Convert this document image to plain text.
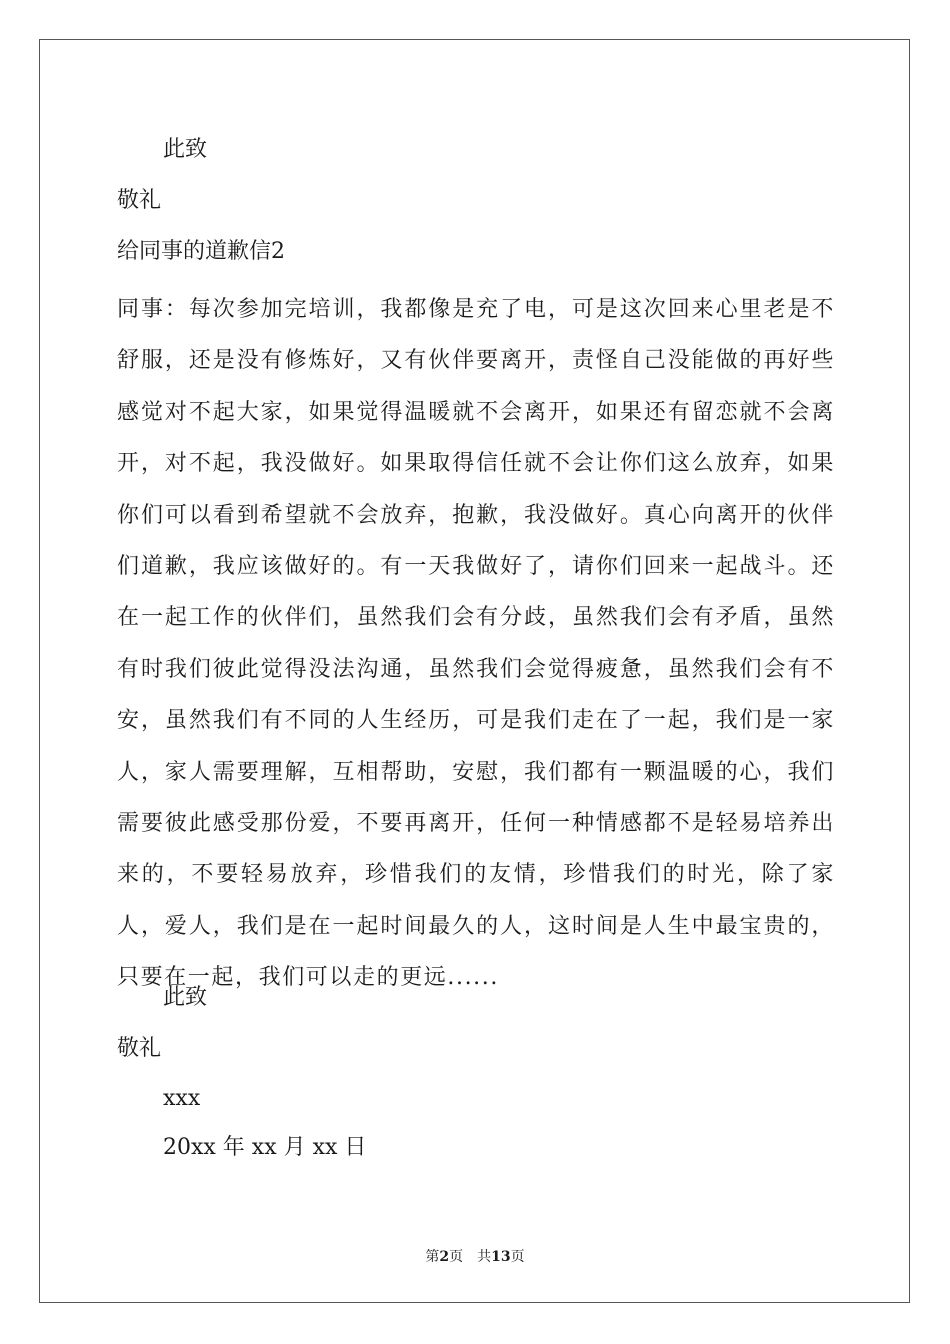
此致
敬礼
给同事的道歉信2
同事：每次参加完培训，我都像是充了电，可是这次回来心里老是不舒服，还是没有修炼好，又有伙伴要离开，责怪自己没能做的再好些感觉对不起大家，如果觉得温暖就不会离开，如果还有留恋就不会离开，对不起，我没做好。如果取得信任就不会让你们这么放弃，如果你们可以看到希望就不会放弃，抱歉，我没做好。真心向离开的伙伴们道歉，我应该做好的。有一天我做好了，请你们回来一起战斗。还在一起工作的伙伴们，虽然我们会有分歧，虽然我们会有矛盾，虽然有时我们彼此觉得没法沟通，虽然我们会觉得疲惫，虽然我们会有不安，虽然我们有不同的人生经历，可是我们走在了一起，我们是一家人，家人需要理解，互相帮助，安慰，我们都有一颗温暖的心，我们需要彼此感受那份爱，不要再离开，任何一种情感都不是轻易培养出来的，不要轻易放弃，珍惜我们的友情，珍惜我们的时光，除了家人，爱人，我们是在一起时间最久的人，这时间是人生中最宝贵的，只要在一起，我们可以走的更远......
此致
敬礼
xxx
20xx 年 xx 月 xx 日
第2页 共13页
